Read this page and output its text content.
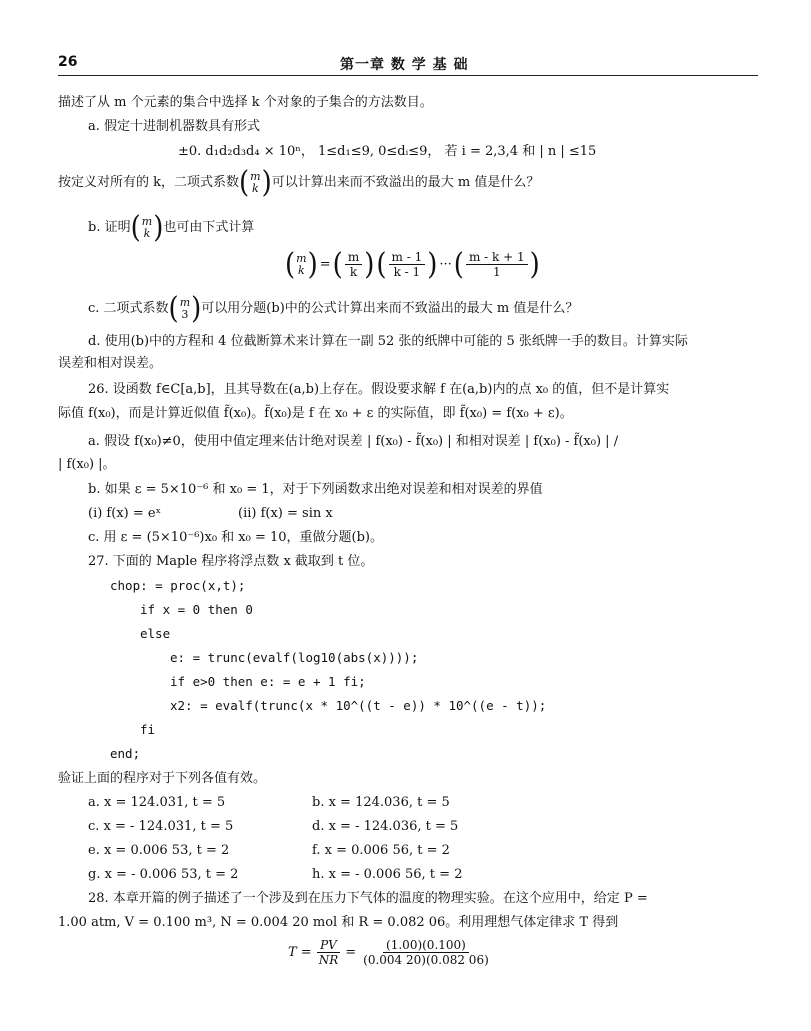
26	第一章 数 学 基 础
描述了从 m 个元素的集合中选择 k 个对象的子集合的方法数目。
a. 假定十进制机器数具有形式
±0. d₁d₂d₃d₄ × 10ⁿ， 1≤d₁≤9, 0≤dᵢ≤9， 若 i = 2,3,4 和 | n | ≤15
按定义对所有的 k，二项式系数 ( m
k ) 可以计算出来而不致溢出的最大 m 值是什么？
b. 证明 ( m
k ) 也可由下式计算
( m
k ) = ( $\frac{m}{k}$ ) ( $\frac{m - 1}{k - 1}$ ) ··· ( $\frac{m - k + 1}{1}$ )
c. 二项式系数 ( m
3 ) 可以用分题(b)中的公式计算出来而不致溢出的最大 m 值是什么？
d. 使用(b)中的方程和 4 位截断算术来计算在一副 52 张的纸牌中可能的 5 张纸牌一手的数目。计算实际
误差和相对误差。
26. 设函数 f∈C[a,b]，且其导数在(a,b)上存在。假设要求解 f 在(a,b)内的点 x₀ 的值，但不是计算实
际值 f(x₀)，而是计算近似值 f̃(x₀)。f̃(x₀)是 f 在 x₀ + ε 的实际值，即 f̃(x₀) = f(x₀ + ε)。
a. 假设 f(x₀)≠0，使用中值定理来估计绝对误差 | f(x₀) - f̃(x₀) | 和相对误差 | f(x₀) - f̃(x₀) | /
| f(x₀) |。
b. 如果 ε = 5×10⁻⁶ 和 x₀ = 1，对于下列函数求出绝对误差和相对误差的界值
(i) f(x) = eˣ	(ii) f(x) = sin x
c. 用 ε = (5×10⁻⁶)x₀ 和 x₀ = 10，重做分题(b)。
27. 下面的 Maple 程序将浮点数 x 截取到 t 位。
chop: = proc(x,t);
if x = 0 then 0
else
e: = trunc(evalf(log10(abs(x))));
if e>0 then e: = e + 1 fi;
x2: = evalf(trunc(x * 10^((t - e)) * 10^((e - t));
fi
end;
验证上面的程序对于下列各值有效。
a. x = 124.031, t = 5	b. x = 124.036, t = 5
c. x = - 124.031, t = 5	d. x = - 124.036, t = 5
e. x = 0.006 53, t = 2	f. x = 0.006 56, t = 2
g. x = - 0.006 53, t = 2	h. x = - 0.006 56, t = 2
28. 本章开篇的例子描述了一个涉及到在压力下气体的温度的物理实验。在这个应用中，给定 P =
1.00 atm, V = 0.100 m³, N = 0.004 20 mol 和 R = 0.082 06。利用理想气体定律求 T 得到
$T = \frac{PV}{NR} = \frac{(1.00)(0.100)}{(0.004 20)(0.082 06)}$
